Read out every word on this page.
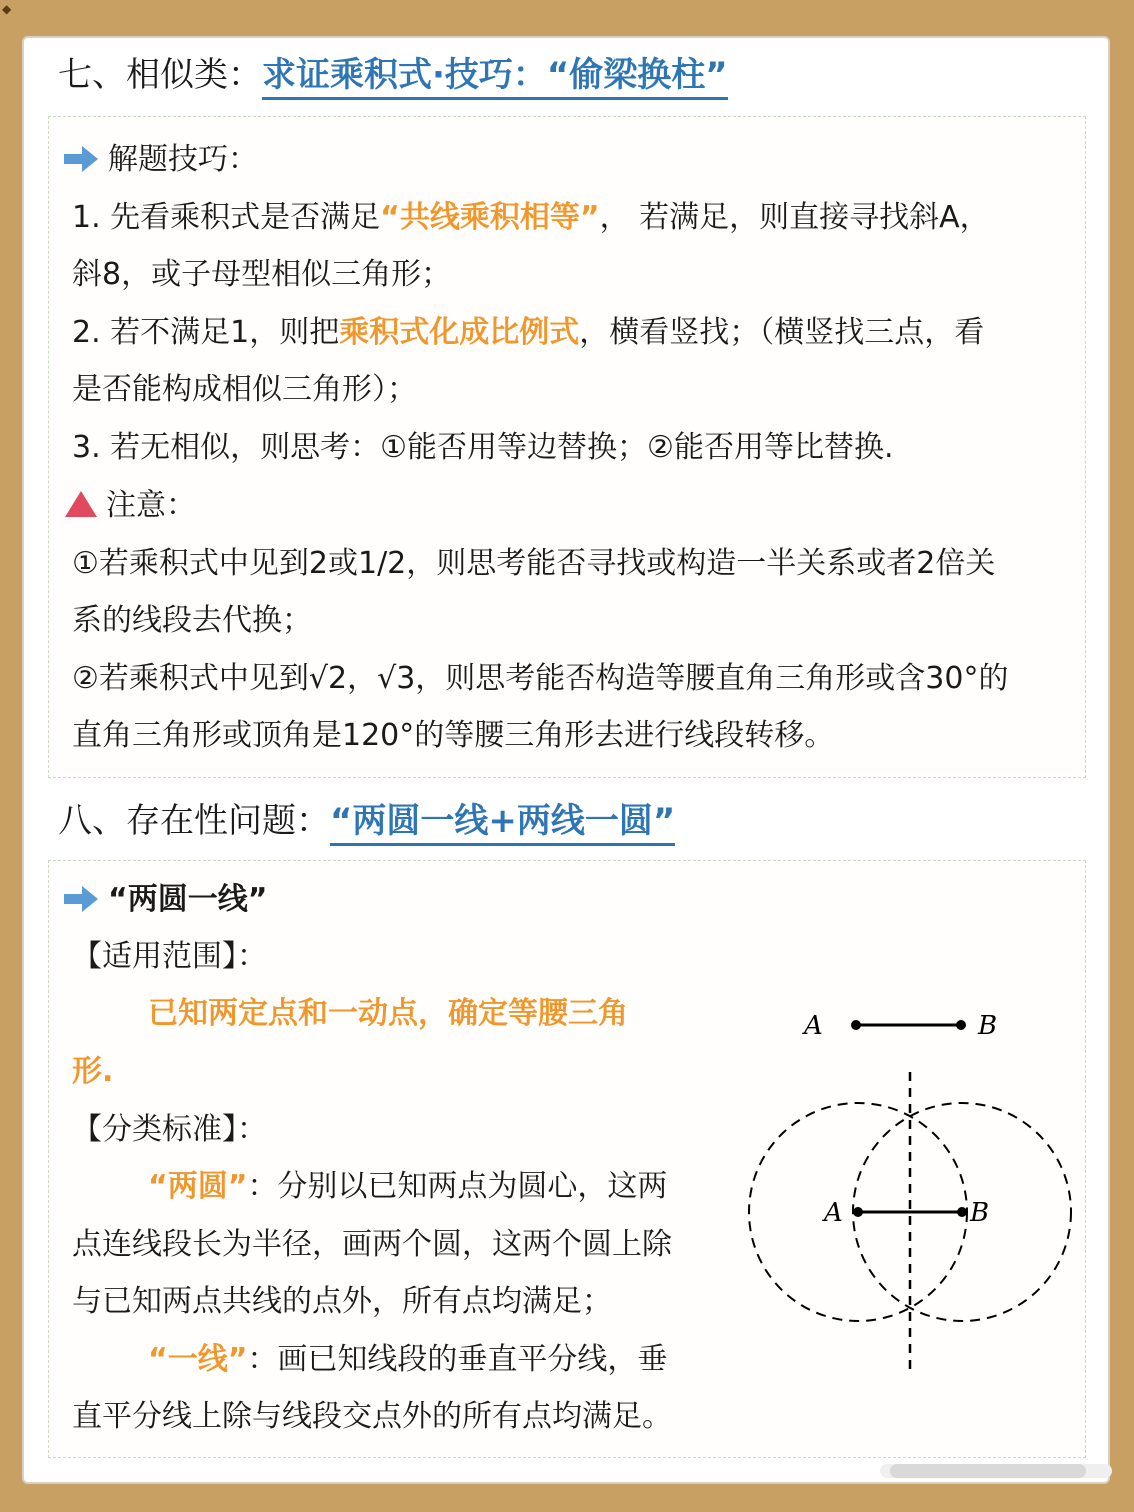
◆
七、相似类：求证乘积式·技巧：“偷梁换柱”
解题技巧：
1. 先看乘积式是否满足“共线乘积相等”， 若满足，则直接寻找斜A，
斜8，或子母型相似三角形；
2. 若不满足1，则把乘积式化成比例式，横看竖找；（横竖找三点，看
是否能构成相似三角形）；
3. 若无相似，则思考：①能否用等边替换；②能否用等比替换.
注意：
①若乘积式中见到2或1/2，则思考能否寻找或构造一半关系或者2倍关
系的线段去代换；
②若乘积式中见到√2，√3，则思考能否构造等腰直角三角形或含30°的
直角三角形或顶角是120°的等腰三角形去进行线段转移。
八、存在性问题：“两圆一线+两线一圆”
“两圆一线”
【适用范围】：
已知两定点和一动点，确定等腰三角
形.
【分类标准】：
“两圆”：分别以已知两点为圆心，这两
点连线段长为半径，画两个圆，这两个圆上除
与已知两点共线的点外，所有点均满足；
“一线”：画已知线段的垂直平分线，垂
直平分线上除与线段交点外的所有点均满足。
A	B
A	B
